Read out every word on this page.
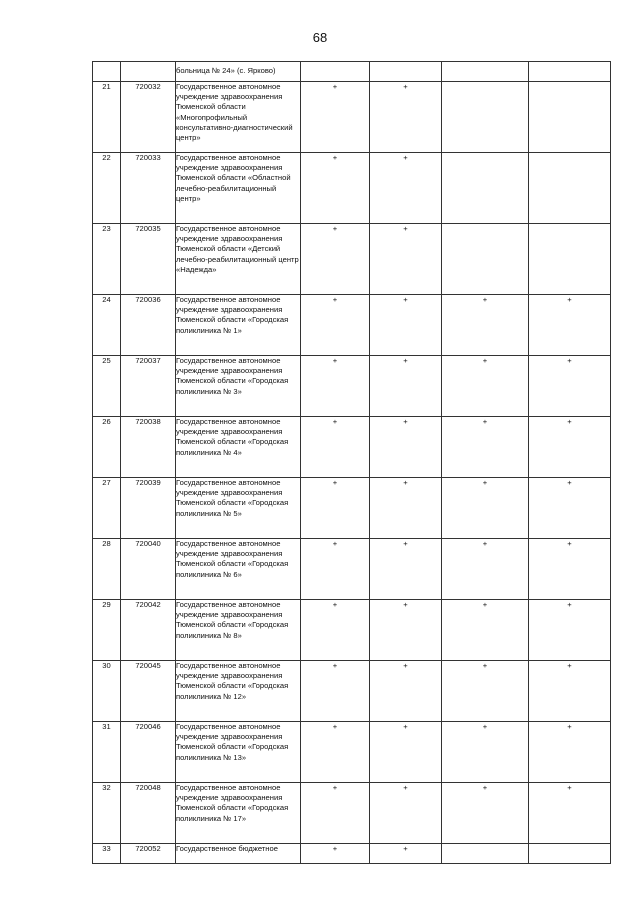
68

		больница № 24» (с. Ярково)				

21	720032	Государственное автономное учреждение здравоохранения Тюменской области «Многопрофильный консультативно-диагностический центр»	+	+		
22	720033	Государственное автономное учреждение здравоохранения Тюменской области «Областной лечебно-реабилитационный центр»	+	+		
23	720035	Государственное автономное учреждение здравоохранения Тюменской области «Детский лечебно-реабилитационный центр «Надежда»	+	+		
24	720036	Государственное автономное учреждение здравоохранения Тюменской области «Городская поликлиника № 1»	+	+	+	+
25	720037	Государственное автономное учреждение здравоохранения Тюменской области «Городская поликлиника № 3»	+	+	+	+
26	720038	Государственное автономное учреждение здравоохранения Тюменской области «Городская поликлиника № 4»	+	+	+	+
27	720039	Государственное автономное учреждение здравоохранения Тюменской области «Городская поликлиника № 5»	+	+	+	+
28	720040	Государственное автономное учреждение здравоохранения Тюменской области «Городская поликлиника № 6»	+	+	+	+
29	720042	Государственное автономное учреждение здравоохранения Тюменской области «Городская поликлиника № 8»	+	+	+	+
30	720045	Государственное автономное учреждение здравоохранения Тюменской области «Городская поликлиника № 12»	+	+	+	+
31	720046	Государственное автономное учреждение здравоохранения Тюменской области «Городская поликлиника № 13»	+	+	+	+
32	720048	Государственное автономное учреждение здравоохранения Тюменской области «Городская поликлиника № 17»	+	+	+	+
33	720052	Государственное бюджетное	+	+		
